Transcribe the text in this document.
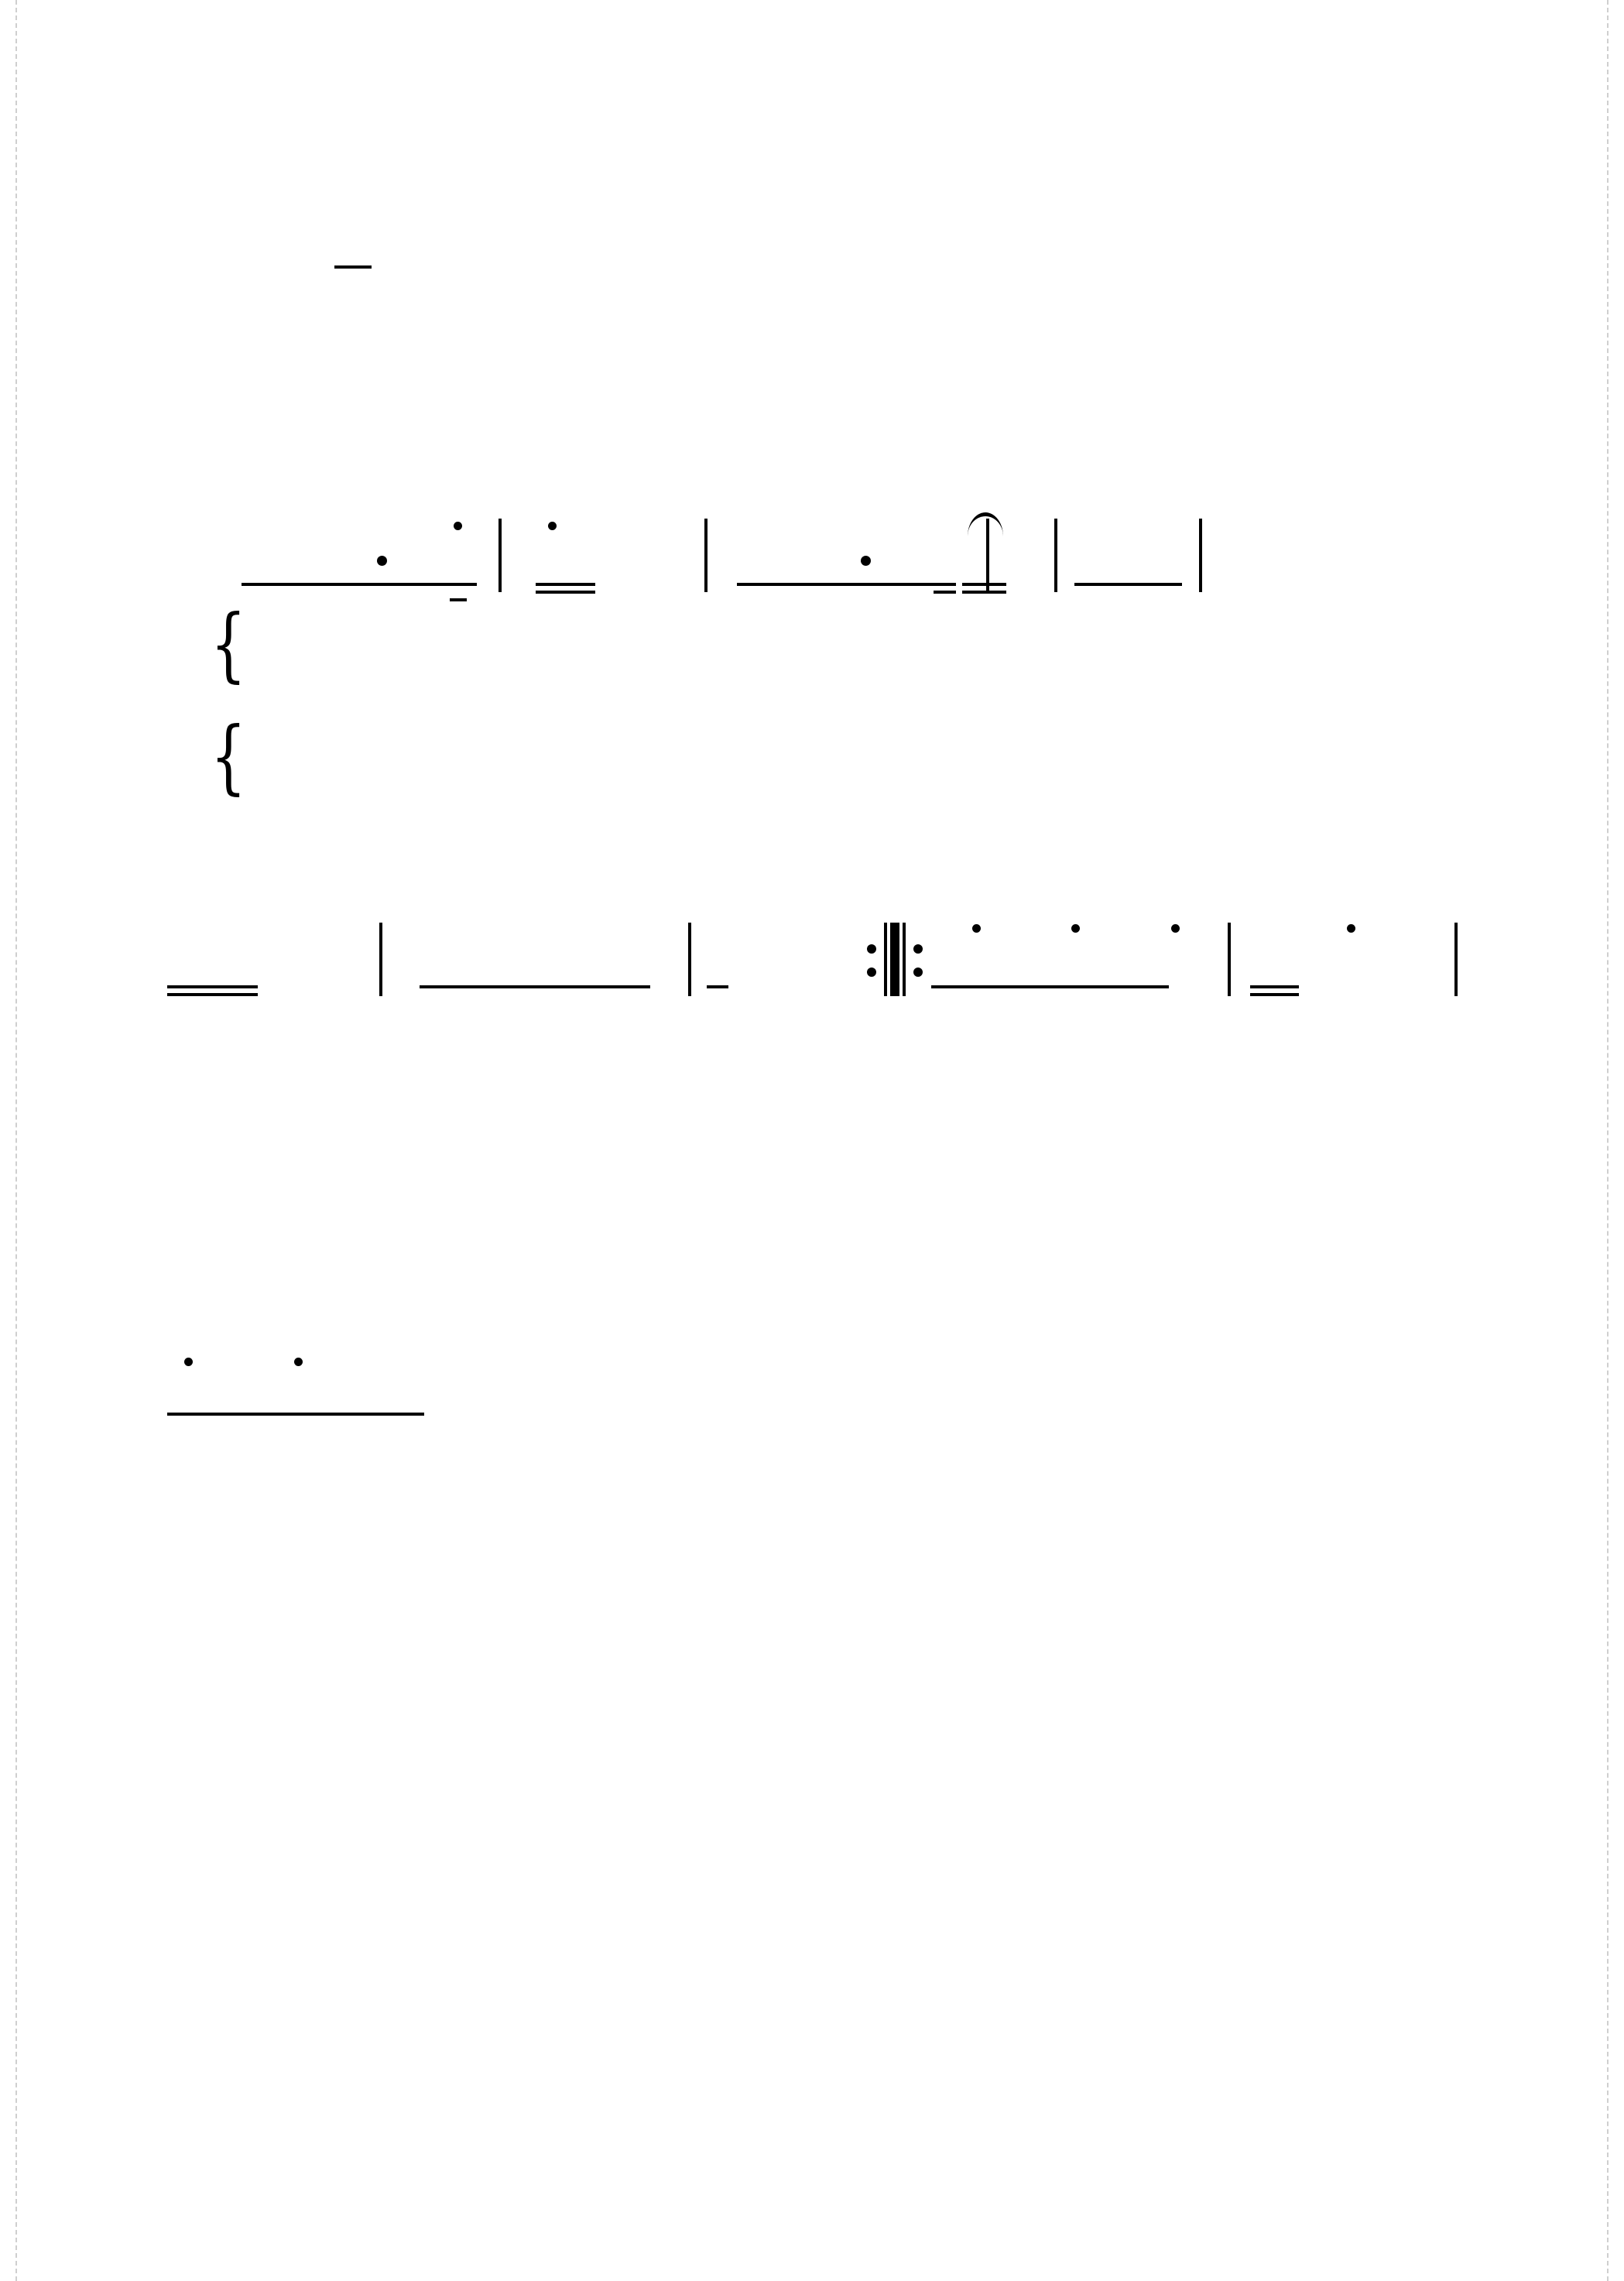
{
{
